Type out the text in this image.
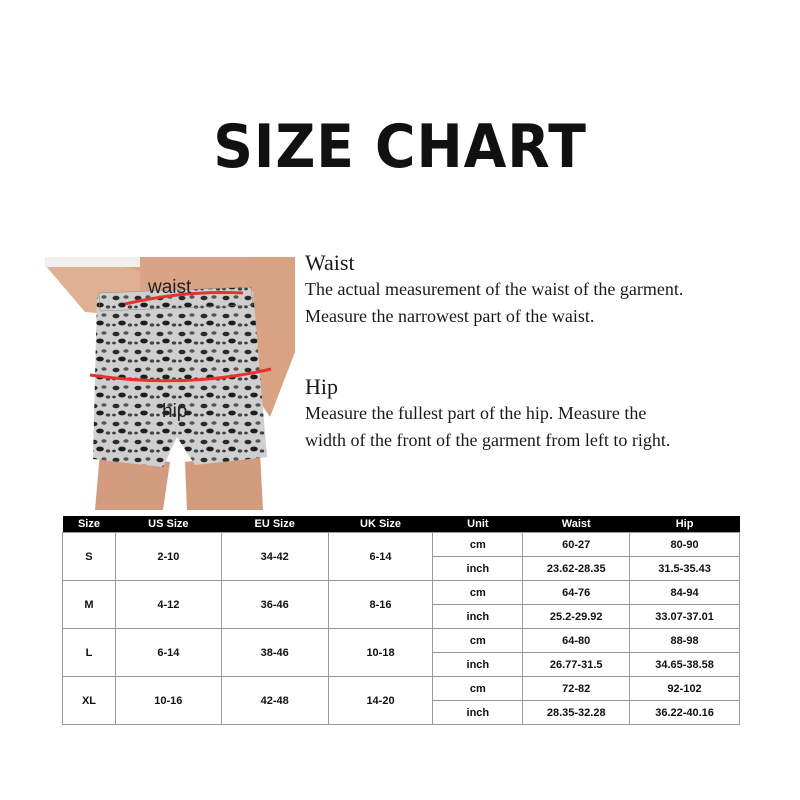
SIZE CHART
waist
hip
Waist

The actual measurement of the waist of the garment.

Measure the narrowest part of the waist.

Hip

Measure the fullest part of the hip. Measure the

width of the front of the garment from left to right.

Size	US Size	EU Size	UK Size	Unit	Waist	Hip
S	2-10	34-42	6-14	cm	60-27	80-90
				inch	23.62-28.35	31.5-35.43
M	4-12	36-46	8-16	cm	64-76	84-94
				inch	25.2-29.92	33.07-37.01
L	6-14	38-46	10-18	cm	64-80	88-98
				inch	26.77-31.5	34.65-38.58
XL	10-16	42-48	14-20	cm	72-82	92-102
				inch	28.35-32.28	36.22-40.16
